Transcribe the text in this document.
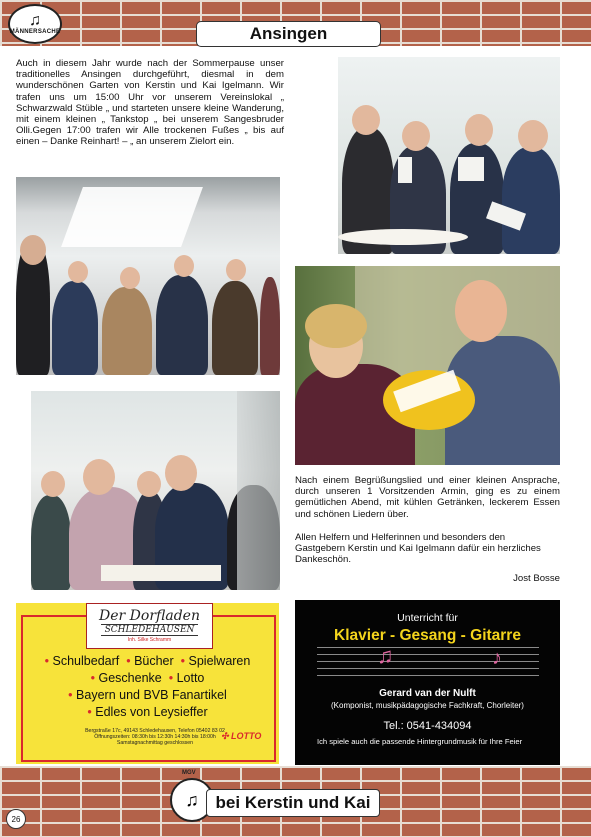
♫
MÄNNERSACHE	Ansingen
Auch in diesem Jahr wurde nach der Sommerpause unser traditionelles Ansingen durchgeführt, diesmal in dem wunderschönen Garten von Kerstin und Kai Igelmann. Wir trafen uns um 15:00 Uhr vor unserem Vereinslokal „ Schwarzwald Stüble „ und starteten unsere kleine Wanderung, mit einem kleinen „ Tankstop „ bei unserem Sangesbruder Olli.Gegen 17:00 trafen wir Alle trockenen Fußes „ bis auf einen – Danke Reinhart! – „ an unserem Zielort ein.
Nach einem Begrüßungslied und einer kleinen Ansprache, durch unseren 1 Vorsitzenden Armin, ging es zu einem gemütlichen Abend, mit kühlen Getränken, leckerem Essen und schönen Liedern über.
Allen Helfern und Helferinnen und besonders den Gastgebern Kerstin und Kai Igelmann dafür ein herzliches Dankeschön.
Jost Bosse
Der Dorfladen
SCHLEDEHAUSEN
Inh. Silke Schramm
• Schulbedarf • Bücher • Spielwaren
• Geschenke • Lotto
• Bayern und BVB Fanartikel
• Edles von Leysieffer
Bergstraße 17c, 49143 Schledehausen, Telefon 05402 83 02
Öffnungszeiten: 08:30h bis 12:30h 14:30h bis 18:00h
Samstagnachmittag geschlossen
✣ LOTTO
Unterricht für
Klavier - Gesang - Gitarre
♫	♪
Gerard van der Nulft
(Komponist, musikpädagogische Fachkraft, Chorleiter)
Tel.: 0541-434094
Ich spiele auch die passende Hintergrundmusik für Ihre Feier
MGV
♫ bei Kerstin und Kai
26
